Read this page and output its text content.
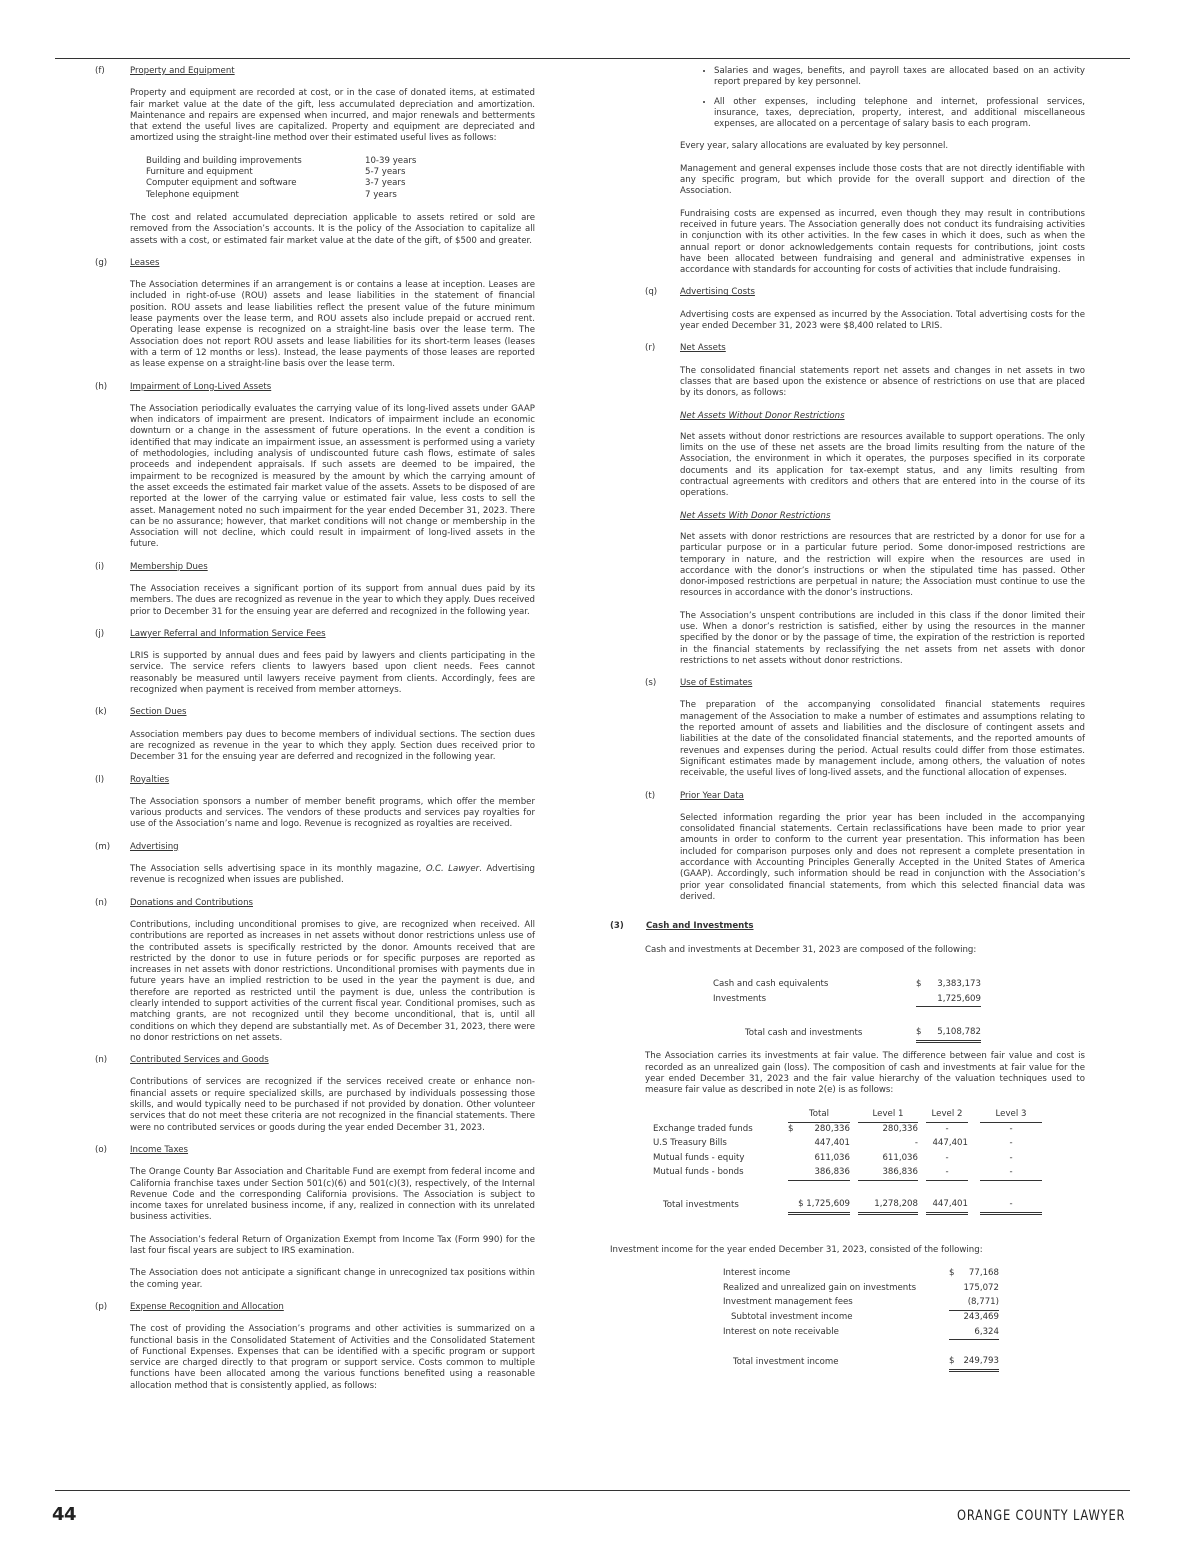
(f)	Property and Equipment

Property and equipment are recorded at cost, or in the case of donated items, at estimated fair market value at the date of the gift, less accumulated depreciation and amortization. Maintenance and repairs are expensed when incurred, and major renewals and betterments that extend the useful lives are capitalized. Property and equipment are depreciated and amortized using the straight-line method over their estimated useful lives as follows:

Building and building improvements	10-39 years
Furniture and equipment	5-7 years
Computer equipment and software	3-7 years
Telephone equipment	7 years

The cost and related accumulated depreciation applicable to assets retired or sold are removed from the Association’s accounts. It is the policy of the Association to capitalize all assets with a cost, or estimated fair market value at the date of the gift, of $500 and greater.

(g)	Leases

The Association determines if an arrangement is or contains a lease at inception. Leases are included in right-of-use (ROU) assets and lease liabilities in the statement of financial position. ROU assets and lease liabilities reflect the present value of the future minimum lease payments over the lease term, and ROU assets also include prepaid or accrued rent. Operating lease expense is recognized on a straight-line basis over the lease term. The Association does not report ROU assets and lease liabilities for its short-term leases (leases with a term of 12 months or less). Instead, the lease payments of those leases are reported as lease expense on a straight-line basis over the lease term.

(h)	Impairment of Long-Lived Assets

The Association periodically evaluates the carrying value of its long-lived assets under GAAP when indicators of impairment are present. Indicators of impairment include an economic downturn or a change in the assessment of future operations. In the event a condition is identified that may indicate an impairment issue, an assessment is performed using a variety of methodologies, including analysis of undiscounted future cash flows, estimate of sales proceeds and independent appraisals. If such assets are deemed to be impaired, the impairment to be recognized is measured by the amount by which the carrying amount of the asset exceeds the estimated fair market value of the assets. Assets to be disposed of are reported at the lower of the carrying value or estimated fair value, less costs to sell the asset. Management noted no such impairment for the year ended December 31, 2023. There can be no assurance; however, that market conditions will not change or membership in the Association will not decline, which could result in impairment of long-lived assets in the future.

(i)	Membership Dues

The Association receives a significant portion of its support from annual dues paid by its members. The dues are recognized as revenue in the year to which they apply. Dues received prior to December 31 for the ensuing year are deferred and recognized in the following year.

(j)	Lawyer Referral and Information Service Fees

LRIS is supported by annual dues and fees paid by lawyers and clients participating in the service. The service refers clients to lawyers based upon client needs. Fees cannot reasonably be measured until lawyers receive payment from clients. Accordingly, fees are recognized when payment is received from member attorneys.

(k)	Section Dues

Association members pay dues to become members of individual sections. The section dues are recognized as revenue in the year to which they apply. Section dues received prior to December 31 for the ensuing year are deferred and recognized in the following year.

(l)	Royalties

The Association sponsors a number of member benefit programs, which offer the member various products and services. The vendors of these products and services pay royalties for use of the Association’s name and logo. Revenue is recognized as royalties are received.

(m)	Advertising

The Association sells advertising space in its monthly magazine, O.C. Lawyer. Advertising revenue is recognized when issues are published.

(n)	Donations and Contributions

Contributions, including unconditional promises to give, are recognized when received. All contributions are reported as increases in net assets without donor restrictions unless use of the contributed assets is specifically restricted by the donor. Amounts received that are restricted by the donor to use in future periods or for specific purposes are reported as increases in net assets with donor restrictions. Unconditional promises with payments due in future years have an implied restriction to be used in the year the payment is due, and therefore are reported as restricted until the payment is due, unless the contribution is clearly intended to support activities of the current fiscal year. Conditional promises, such as matching grants, are not recognized until they become unconditional, that is, until all conditions on which they depend are substantially met. As of December 31, 2023, there were no donor restrictions on net assets.

(n)	Contributed Services and Goods

Contributions of services are recognized if the services received create or enhance non-financial assets or require specialized skills, are purchased by individuals possessing those skills, and would typically need to be purchased if not provided by donation. Other volunteer services that do not meet these criteria are not recognized in the financial statements. There were no contributed services or goods during the year ended December 31, 2023.

(o)	Income Taxes

The Orange County Bar Association and Charitable Fund are exempt from federal income and California franchise taxes under Section 501(c)(6) and 501(c)(3), respectively, of the Internal Revenue Code and the corresponding California provisions. The Association is subject to income taxes for unrelated business income, if any, realized in connection with its unrelated business activities.

The Association’s federal Return of Organization Exempt from Income Tax (Form 990) for the last four fiscal years are subject to IRS examination.

The Association does not anticipate a significant change in unrecognized tax positions within the coming year.

(p)	Expense Recognition and Allocation

The cost of providing the Association’s programs and other activities is summarized on a functional basis in the Consolidated Statement of Activities and the Consolidated Statement of Functional Expenses. Expenses that can be identified with a specific program or support service are charged directly to that program or support service. Costs common to multiple functions have been allocated among the various functions benefited using a reasonable allocation method that is consistently applied, as follows:

• Salaries and wages, benefits, and payroll taxes are allocated based on an activity report prepared by key personnel.
• All other expenses, including telephone and internet, professional services, insurance, taxes, depreciation, property, interest, and additional miscellaneous expenses, are allocated on a percentage of salary basis to each program.

Every year, salary allocations are evaluated by key personnel.

Management and general expenses include those costs that are not directly identifiable with any specific program, but which provide for the overall support and direction of the Association.

Fundraising costs are expensed as incurred, even though they may result in contributions received in future years. The Association generally does not conduct its fundraising activities in conjunction with its other activities. In the few cases in which it does, such as when the annual report or donor acknowledgements contain requests for contributions, joint costs have been allocated between fundraising and general and administrative expenses in accordance with standards for accounting for costs of activities that include fundraising.

(q)	Advertising Costs

Advertising costs are expensed as incurred by the Association. Total advertising costs for the year ended December 31, 2023 were $8,400 related to LRIS.

(r)	Net Assets

The consolidated financial statements report net assets and changes in net assets in two classes that are based upon the existence or absence of restrictions on use that are placed by its donors, as follows:

Net Assets Without Donor Restrictions

Net assets without donor restrictions are resources available to support operations. The only limits on the use of these net assets are the broad limits resulting from the nature of the Association, the environment in which it operates, the purposes specified in its corporate documents and its application for tax-exempt status, and any limits resulting from contractual agreements with creditors and others that are entered into in the course of its operations.

Net Assets With Donor Restrictions

Net assets with donor restrictions are resources that are restricted by a donor for use for a particular purpose or in a particular future period. Some donor-imposed restrictions are temporary in nature, and the restriction will expire when the resources are used in accordance with the donor’s instructions or when the stipulated time has passed. Other donor-imposed restrictions are perpetual in nature; the Association must continue to use the resources in accordance with the donor’s instructions.

The Association’s unspent contributions are included in this class if the donor limited their use. When a donor’s restriction is satisfied, either by using the resources in the manner specified by the donor or by the passage of time, the expiration of the restriction is reported in the financial statements by reclassifying the net assets from net assets with donor restrictions to net assets without donor restrictions.

(s)	Use of Estimates

The preparation of the accompanying consolidated financial statements requires management of the Association to make a number of estimates and assumptions relating to the reported amount of assets and liabilities and the disclosure of contingent assets and liabilities at the date of the consolidated financial statements, and the reported amounts of revenues and expenses during the period. Actual results could differ from those estimates. Significant estimates made by management include, among others, the valuation of notes receivable, the useful lives of long-lived assets, and the functional allocation of expenses.

(t)	Prior Year Data

Selected information regarding the prior year has been included in the accompanying consolidated financial statements. Certain reclassifications have been made to prior year amounts in order to conform to the current year presentation. This information has been included for comparison purposes only and does not represent a complete presentation in accordance with Accounting Principles Generally Accepted in the United States of America (GAAP). Accordingly, such information should be read in conjunction with the Association’s prior year consolidated financial statements, from which this selected financial data was derived.

(3)	Cash and Investments

Cash and investments at December 31, 2023 are composed of the following:

Cash and cash equivalents	$	3,383,173
Investments		1,725,609

Total cash and investments	$	5,108,782

The Association carries its investments at fair value. The difference between fair value and cost is recorded as an unrealized gain (loss). The composition of cash and investments at fair value for the year ended December 31, 2023 and the fair value hierarchy of the valuation techniques used to measure fair value as described in note 2(e) is as follows:

	Total			Level 1		Level 2		Level 3
Exchange traded funds	$	280,336		280,336		-		-
U.S Treasury Bills		447,401		-		447,401		-
Mutual funds - equity		611,036		611,036		-		-
Mutual funds - bonds		386,836		386,836		-		-

Total investments	$ 1,725,609			1,278,208		447,401		-

Investment income for the year ended December 31, 2023, consisted of the following:

Interest income	$	77,168
Realized and unrealized gain on investments		175,072
Investment management fees		(8,771)
Subtotal investment income		243,469
Interest on note receivable		6,324

Total investment income	$	249,793
44	ORANGE COUNTY LAWYER
